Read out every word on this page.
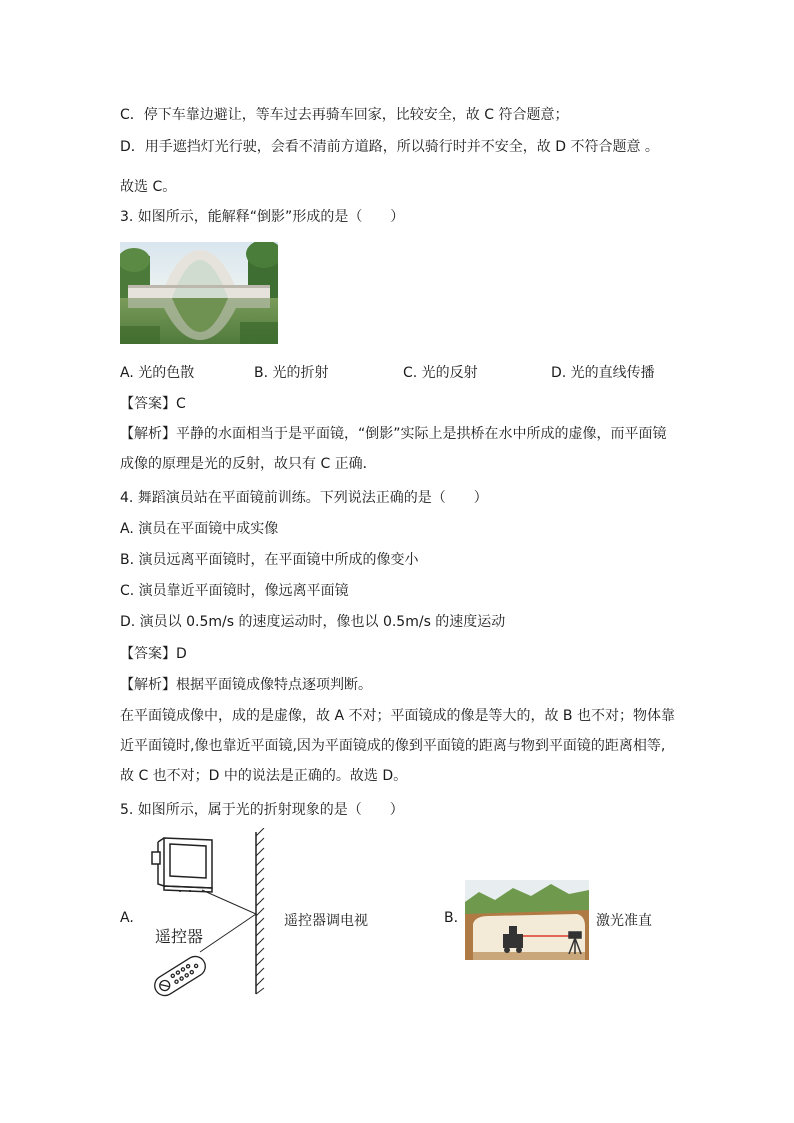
C．停下车靠边避让，等车过去再骑车回家，比较安全，故 C 符合题意；
D．用手遮挡灯光行驶，会看不清前方道路，所以骑行时并不安全，故 D 不符合题意 。
故选 C。
3. 如图所示，能解释“倒影”形成的是（　　）
A. 光的色散	B. 光的折射	C. 光的反射	D. 光的直线传播
【答案】C
【解析】平静的水面相当于是平面镜，“倒影”实际上是拱桥在水中所成的虚像，而平面镜成像的原理是光的反射，故只有 C 正确．
4. 舞蹈演员站在平面镜前训练。下列说法正确的是（　　）
A. 演员在平面镜中成实像
B. 演员远离平面镜时，在平面镜中所成的像变小
C. 演员靠近平面镜时，像远离平面镜
D. 演员以 0.5m/s 的速度运动时，像也以 0.5m/s 的速度运动
【答案】D
【解析】根据平面镜成像特点逐项判断。
在平面镜成像中，成的是虚像，故 A 不对；平面镜成的像是等大的，故 B 也不对；物体靠近平面镜时,像也靠近平面镜,因为平面镜成的像到平面镜的距离与物到平面镜的距离相等,故 C 也不对；D 中的说法是正确的。故选 D。
5. 如图所示，属于光的折射现象的是（　　）
A.
遥控器
遥控器调电视	B.	激光准直
